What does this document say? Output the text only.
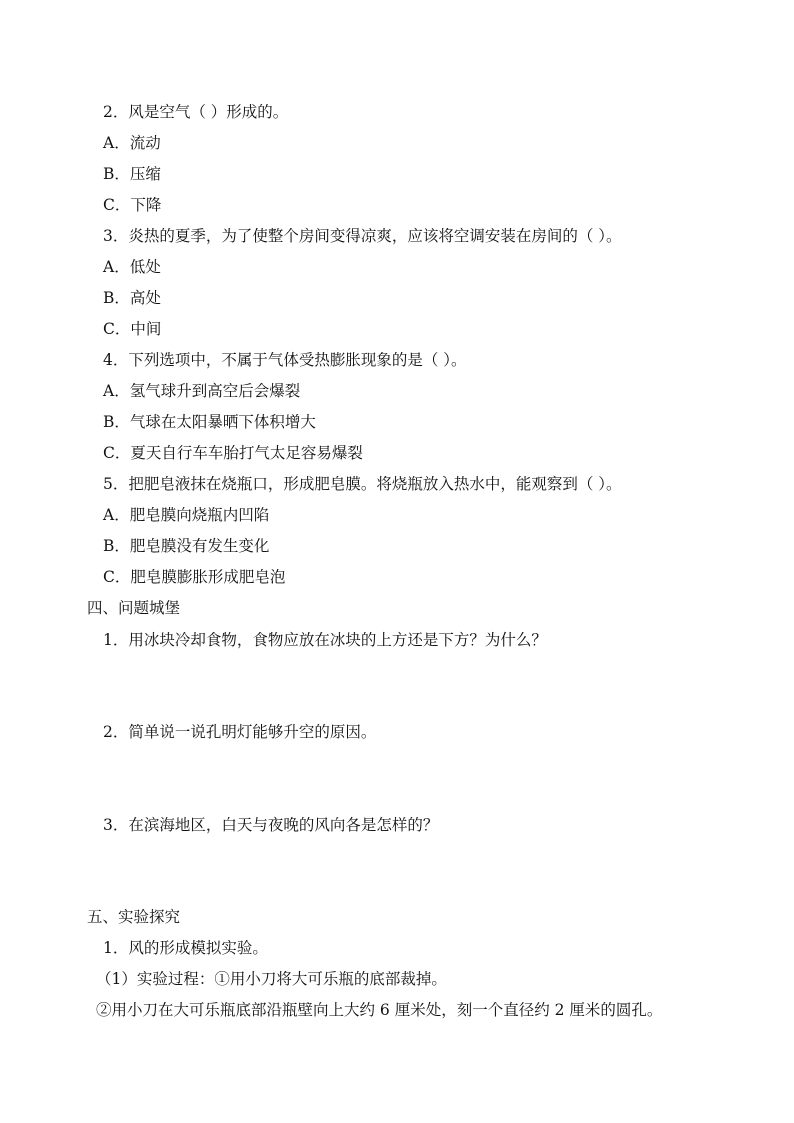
2．风是空气（ ）形成的。
A．流动
B．压缩
C．下降
3．炎热的夏季，为了使整个房间变得凉爽，应该将空调安装在房间的（ ）。
A．低处
B．高处
C．中间
4．下列选项中，不属于气体受热膨胀现象的是（ ）。
A．氢气球升到高空后会爆裂
B．气球在太阳暴晒下体积增大
C．夏天自行车车胎打气太足容易爆裂
5．把肥皂液抹在烧瓶口，形成肥皂膜。将烧瓶放入热水中，能观察到（ ）。
A．肥皂膜向烧瓶内凹陷
B．肥皂膜没有发生变化
C．肥皂膜膨胀形成肥皂泡
四、问题城堡
1．用冰块冷却食物，食物应放在冰块的上方还是下方？为什么？
2．简单说一说孔明灯能够升空的原因。
3．在滨海地区，白天与夜晚的风向各是怎样的？
五、实验探究
1．风的形成模拟实验。
（1）实验过程：①用小刀将大可乐瓶的底部裁掉。
②用小刀在大可乐瓶底部沿瓶壁向上大约 6 厘米处，刻一个直径约 2 厘米的圆孔。
